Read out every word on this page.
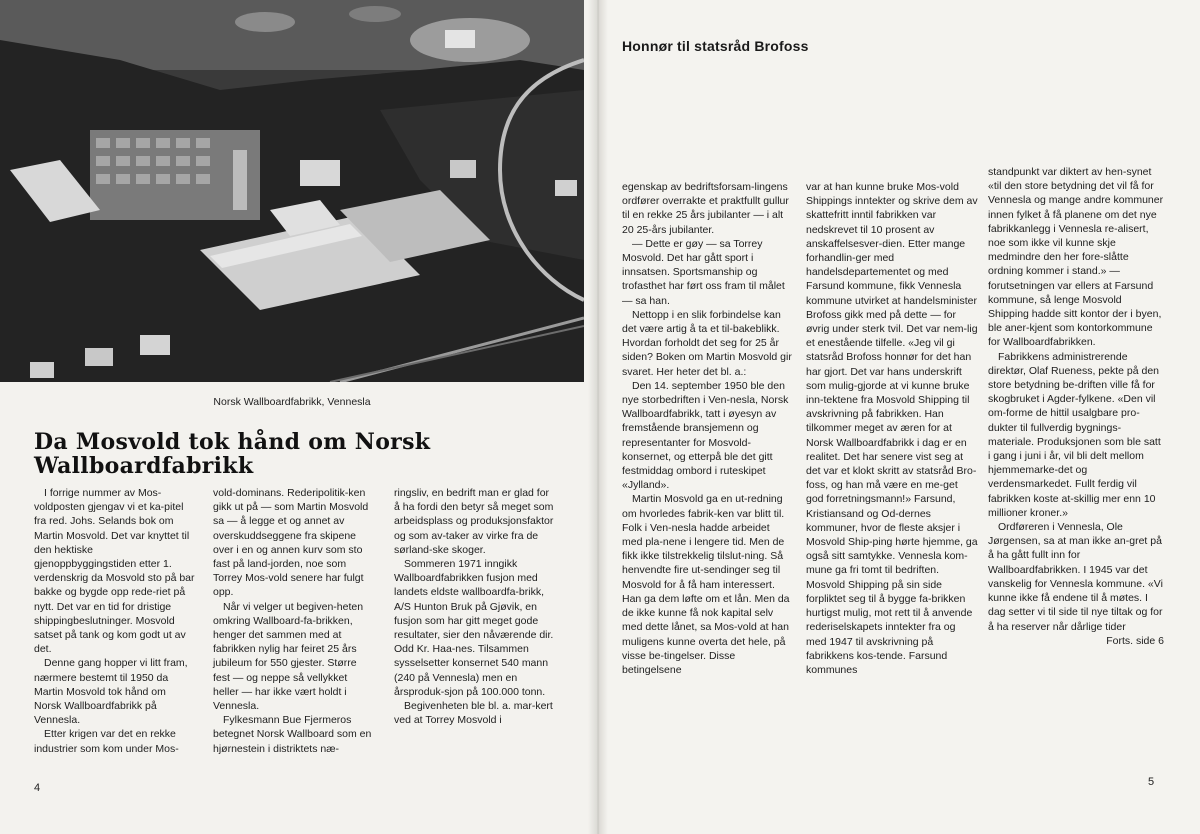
Norsk Wallboardfabrikk, Vennesla
Da Mosvold tok hånd om Norsk Wallboardfabrikk

I forrige nummer av Mos-voldposten gjengav vi et ka-pitel fra red. Johs. Selands bok om Martin Mosvold. Det var knyttet til den hektiske gjenoppbyggingstiden etter 1. verdenskrig da Mosvold sto på bar bakke og bygde opp rede-riet på nytt. Det var en tid for dristige shippingbeslutninger. Mosvold satset på tank og kom godt ut av det.

Denne gang hopper vi litt fram, nærmere bestemt til 1950 da Martin Mosvold tok hånd om Norsk Wallboardfabrikk på Vennesla.

Etter krigen var det en rekke industrier som kom under Mos-

vold-dominans. Rederipolitik-ken gikk ut på — som Martin Mosvold sa — å legge et og annet av overskuddseggene fra skipene over i en og annen kurv som sto fast på land-jorden, noe som Torrey Mos-vold senere har fulgt opp.

Når vi velger ut begiven-heten omkring Wallboard-fa-brikken, henger det sammen med at fabrikken nylig har feiret 25 års jubileum for 550 gjester. Større fest — og neppe så vellykket heller — har ikke vært holdt i Vennesla.

Fylkesmann Bue Fjermeros betegnet Norsk Wallboard som en hjørnestein i distriktets næ-

ringsliv, en bedrift man er glad for å ha fordi den betyr så meget som arbeidsplass og produksjonsfaktor og som av-taker av virke fra de sørland-ske skoger.

Sommeren 1971 inngikk Wallboardfabrikken fusjon med landets eldste wallboardfa-brikk, A/S Hunton Bruk på Gjøvik, en fusjon som har gitt meget gode resultater, sier den nåværende dir. Odd Kr. Haa-nes. Tilsammen sysselsetter konsernet 540 mann (240 på Vennesla) men en årsproduk-sjon på 100.000 tonn.

Begivenheten ble bl. a. mar-kert ved at Torrey Mosvold i

4
Honnør til statsråd Brofoss

egenskap av bedriftsforsam-lingens ordfører overrakte et praktfullt gullur til en rekke 25 års jubilanter — i alt 20 25-års jubilanter.

— Dette er gøy — sa Torrey Mosvold. Det har gått sport i innsatsen. Sportsmanship og trofasthet har ført oss fram til målet — sa han.

Nettopp i en slik forbindelse kan det være artig å ta et til-bakeblikk. Hvordan forholdt det seg for 25 år siden? Boken om Martin Mosvold gir svaret. Her heter det bl. a.:

Den 14. september 1950 ble den nye storbedriften i Ven-nesla, Norsk Wallboardfabrikk, tatt i øyesyn av fremstående bransjemenn og representanter for Mosvold-konsernet, og etterpå ble det gitt festmiddag ombord i ruteskipet «Jylland».

Martin Mosvold ga en ut-redning om hvorledes fabrik-ken var blitt til. Folk i Ven-nesla hadde arbeidet med pla-nene i lengere tid. Men de fikk ikke tilstrekkelig tilslut-ning. Så henvendte fire ut-sendinger seg til Mosvold for å få ham interessert. Han ga dem løfte om et lån. Men da de ikke kunne få nok kapital selv med dette lånet, sa Mos-vold at han muligens kunne overta det hele, på visse be-tingelser. Disse betingelsene

var at han kunne bruke Mos-vold Shippings inntekter og skrive dem av skattefritt inntil fabrikken var nedskrevet til 10 prosent av anskaffelsesver-dien. Etter mange forhandlin-ger med handelsdepartementet og med Farsund kommune, fikk Vennesla kommune utvirket at handelsminister Brofoss gikk med på dette — for øvrig under sterk tvil. Det var nem-lig et enestående tilfelle. «Jeg vil gi statsråd Brofoss honnør for det han har gjort. Det var hans underskrift som mulig-gjorde at vi kunne bruke inn-tektene fra Mosvold Shipping til avskrivning på fabrikken. Han tilkommer meget av æren for at Norsk Wallboardfabrikk i dag er en realitet. Det har senere vist seg at det var et klokt skritt av statsråd Bro-foss, og han må være en me-get god forretningsmann!» Farsund, Kristiansand og Od-dernes kommuner, hvor de fleste aksjer i Mosvold Ship-ping hørte hjemme, ga også sitt samtykke. Vennesla kom-mune ga fri tomt til bedriften. Mosvold Shipping på sin side forpliktet seg til å bygge fa-brikken hurtigst mulig, mot rett til å anvende rederiselskapets inntekter fra og med 1947 til avskrivning på fabrikkens kos-tende. Farsund kommunes

standpunkt var diktert av hen-synet «til den store betydning det vil få for Vennesla og mange andre kommuner innen fylket å få planene om det nye fabrikkanlegg i Vennesla re-alisert, noe som ikke vil kunne skje medmindre den her fore-slåtte ordning kommer i stand.» — forutsetningen var ellers at Farsund kommune, så lenge Mosvold Shipping hadde sitt kontor der i byen, ble aner-kjent som kontorkommune for Wallboardfabrikken.

Fabrikkens administrerende direktør, Olaf Rueness, pekte på den store betydning be-driften ville få for skogbruket i Agder-fylkene. «Den vil om-forme de hittil usalgbare pro-dukter til fullverdig bygnings-materiale. Produksjonen som ble satt i gang i juni i år, vil bli delt mellom hjemmemarke-det og verdensmarkedet. Fullt ferdig vil fabrikken koste at-skillig mer enn 10 millioner kroner.»

Ordføreren i Vennesla, Ole Jørgensen, sa at man ikke an-gret på å ha gått fullt inn for Wallboardfabrikken. I 1945 var det vanskelig for Vennesla kommune. «Vi kunne ikke få endene til å møtes. I dag setter vi til side til nye tiltak og for å ha reserver når dårlige tider

Forts. side 6

5
